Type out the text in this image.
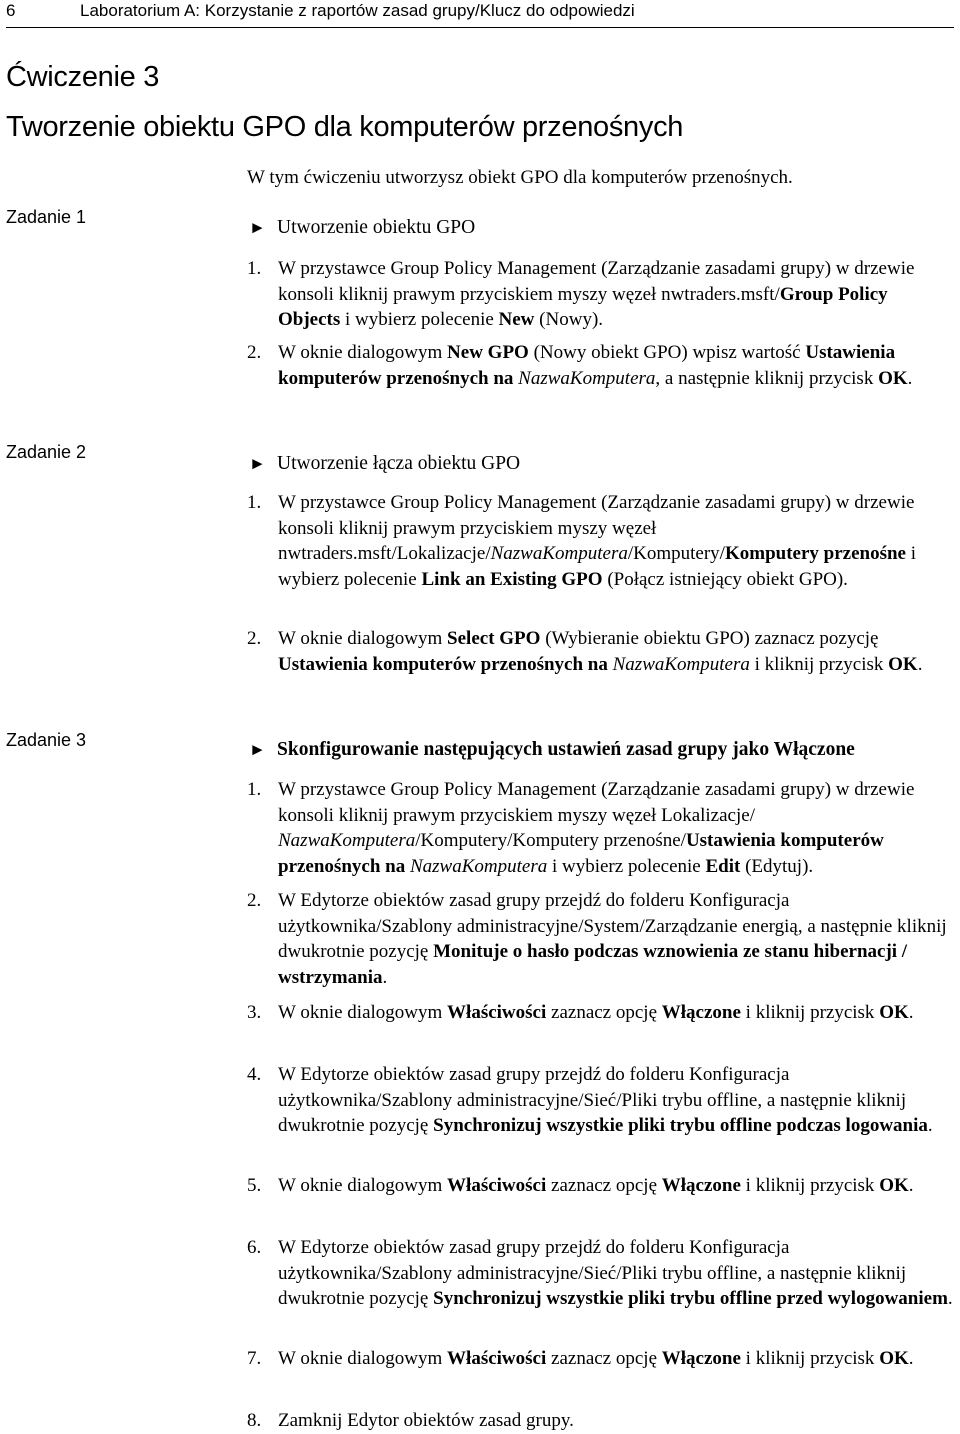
6	Laboratorium A: Korzystanie z raportów zasad grupy/Klucz do odpowiedzi
Ćwiczenie 3
Tworzenie obiektu GPO dla komputerów przenośnych
W tym ćwiczeniu utworzysz obiekt GPO dla komputerów przenośnych.
Zadanie 1
► Utworzenie obiektu GPO
1. W przystawce Group Policy Management (Zarządzanie zasadami grupy) w drzewie konsoli kliknij prawym przyciskiem myszy węzeł nwtraders.msft/Group Policy Objects i wybierz polecenie New (Nowy).
2. W oknie dialogowym New GPO (Nowy obiekt GPO) wpisz wartość Ustawienia komputerów przenośnych na NazwaKomputera, a następnie kliknij przycisk OK.
Zadanie 2
► Utworzenie łącza obiektu GPO
1. W przystawce Group Policy Management (Zarządzanie zasadami grupy) w drzewie konsoli kliknij prawym przyciskiem myszy węzeł nwtraders.msft/Lokalizacje/NazwaKomputera/Komputery/Komputery przenośne i wybierz polecenie Link an Existing GPO (Połącz istniejący obiekt GPO).
2. W oknie dialogowym Select GPO (Wybieranie obiektu GPO) zaznacz pozycję Ustawienia komputerów przenośnych na NazwaKomputera i kliknij przycisk OK.
Zadanie 3	► Skonfigurowanie następujących ustawień zasad grupy jako Włączone
1. W przystawce Group Policy Management (Zarządzanie zasadami grupy) w drzewie konsoli kliknij prawym przyciskiem myszy węzeł Lokalizacje/
NazwaKomputera/Komputery/Komputery przenośne/Ustawienia komputerów przenośnych na NazwaKomputera i wybierz polecenie Edit (Edytuj).
2. W Edytorze obiektów zasad grupy przejdź do folderu Konfiguracja użytkownika/Szablony administracyjne/System/Zarządzanie energią, a następnie kliknij dwukrotnie pozycję Monituje o hasło podczas wznowienia ze stanu hibernacji / wstrzymania.
3. W oknie dialogowym Właściwości zaznacz opcję Włączone i kliknij przycisk OK.
4. W Edytorze obiektów zasad grupy przejdź do folderu Konfiguracja użytkownika/Szablony administracyjne/Sieć/Pliki trybu offline, a następnie kliknij dwukrotnie pozycję Synchronizuj wszystkie pliki trybu offline podczas logowania.
5. W oknie dialogowym Właściwości zaznacz opcję Włączone i kliknij przycisk OK.
6. W Edytorze obiektów zasad grupy przejdź do folderu Konfiguracja użytkownika/Szablony administracyjne/Sieć/Pliki trybu offline, a następnie kliknij dwukrotnie pozycję Synchronizuj wszystkie pliki trybu offline przed wylogowaniem.
7. W oknie dialogowym Właściwości zaznacz opcję Włączone i kliknij przycisk OK.
8. Zamknij Edytor obiektów zasad grupy.
